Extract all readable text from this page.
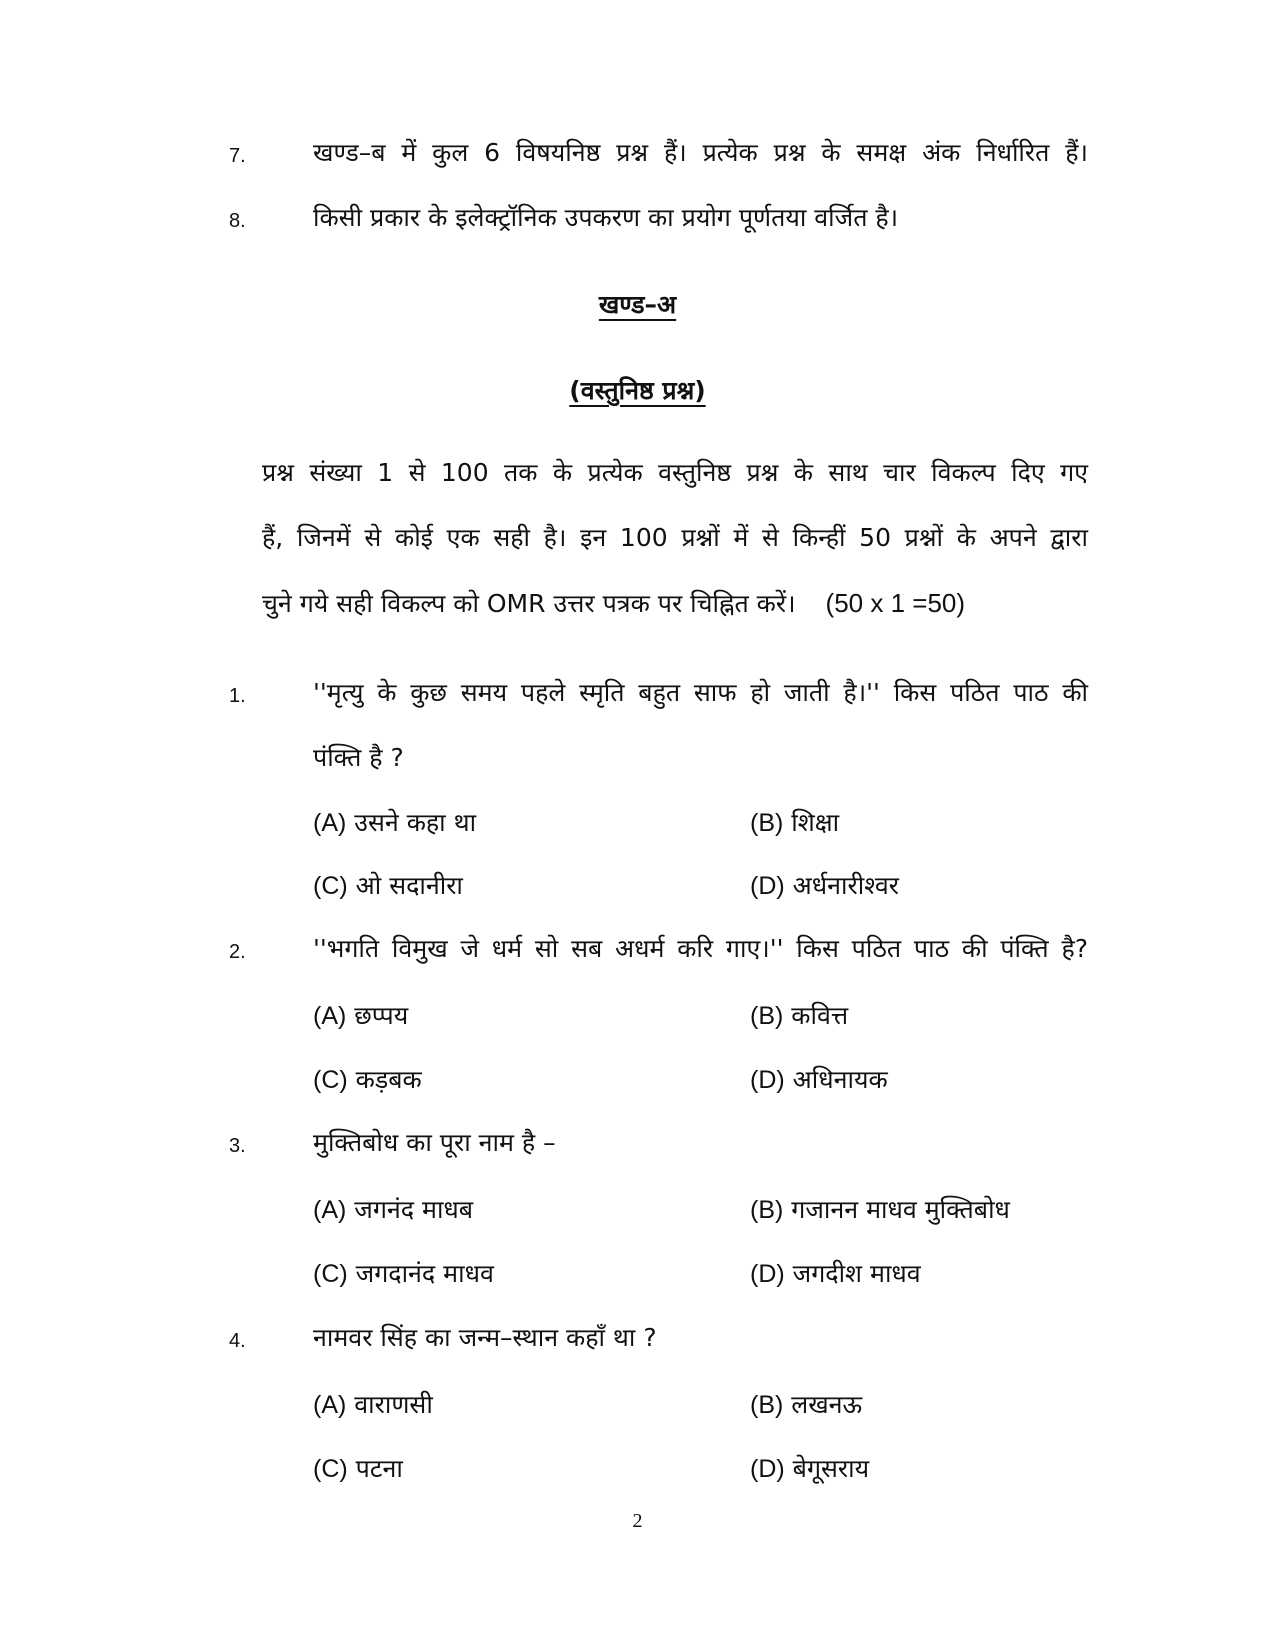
7.	खण्ड–ब में कुल 6 विषयनिष्ठ प्रश्न हैं। प्रत्येक प्रश्न के समक्ष अंक निर्धारित हैं।
8.	किसी प्रकार के इलेक्ट्रॉनिक उपकरण का प्रयोग पूर्णतया वर्जित है।
खण्ड–अ
(वस्तुनिष्ठ प्रश्न)
प्रश्न संख्या 1 से 100 तक के प्रत्येक वस्तुनिष्ठ प्रश्न के साथ चार विकल्प दिए गए
हैं, जिनमें से कोई एक सही है। इन 100 प्रश्नों में से किन्हीं 50 प्रश्नों के अपने द्वारा
चुने गये सही विकल्प को OMR उत्तर पत्रक पर चिह्नित करें। (50 x 1 =50)
1.	''मृत्यु के कुछ समय पहले स्मृति बहुत साफ हो जाती है।'' किस पठित पाठ की
पंक्ति है ?
(A) उसने कहा था	(B) शिक्षा
(C) ओ सदानीरा	(D) अर्धनारीश्वर
2.	''भगति विमुख जे धर्म सो सब अधर्म करि गाए।'' किस पठित पाठ की पंक्ति है?
(A) छप्पय	(B) कवित्त
(C) कड़बक	(D) अधिनायक
3.	मुक्तिबोध का पूरा नाम है –
(A) जगनंद माधब	(B) गजानन माधव मुक्तिबोध
(C) जगदानंद माधव	(D) जगदीश माधव
4.	नामवर सिंह का जन्म–स्थान कहाँ था ?
(A) वाराणसी	(B) लखनऊ
(C) पटना	(D) बेगूसराय
2
